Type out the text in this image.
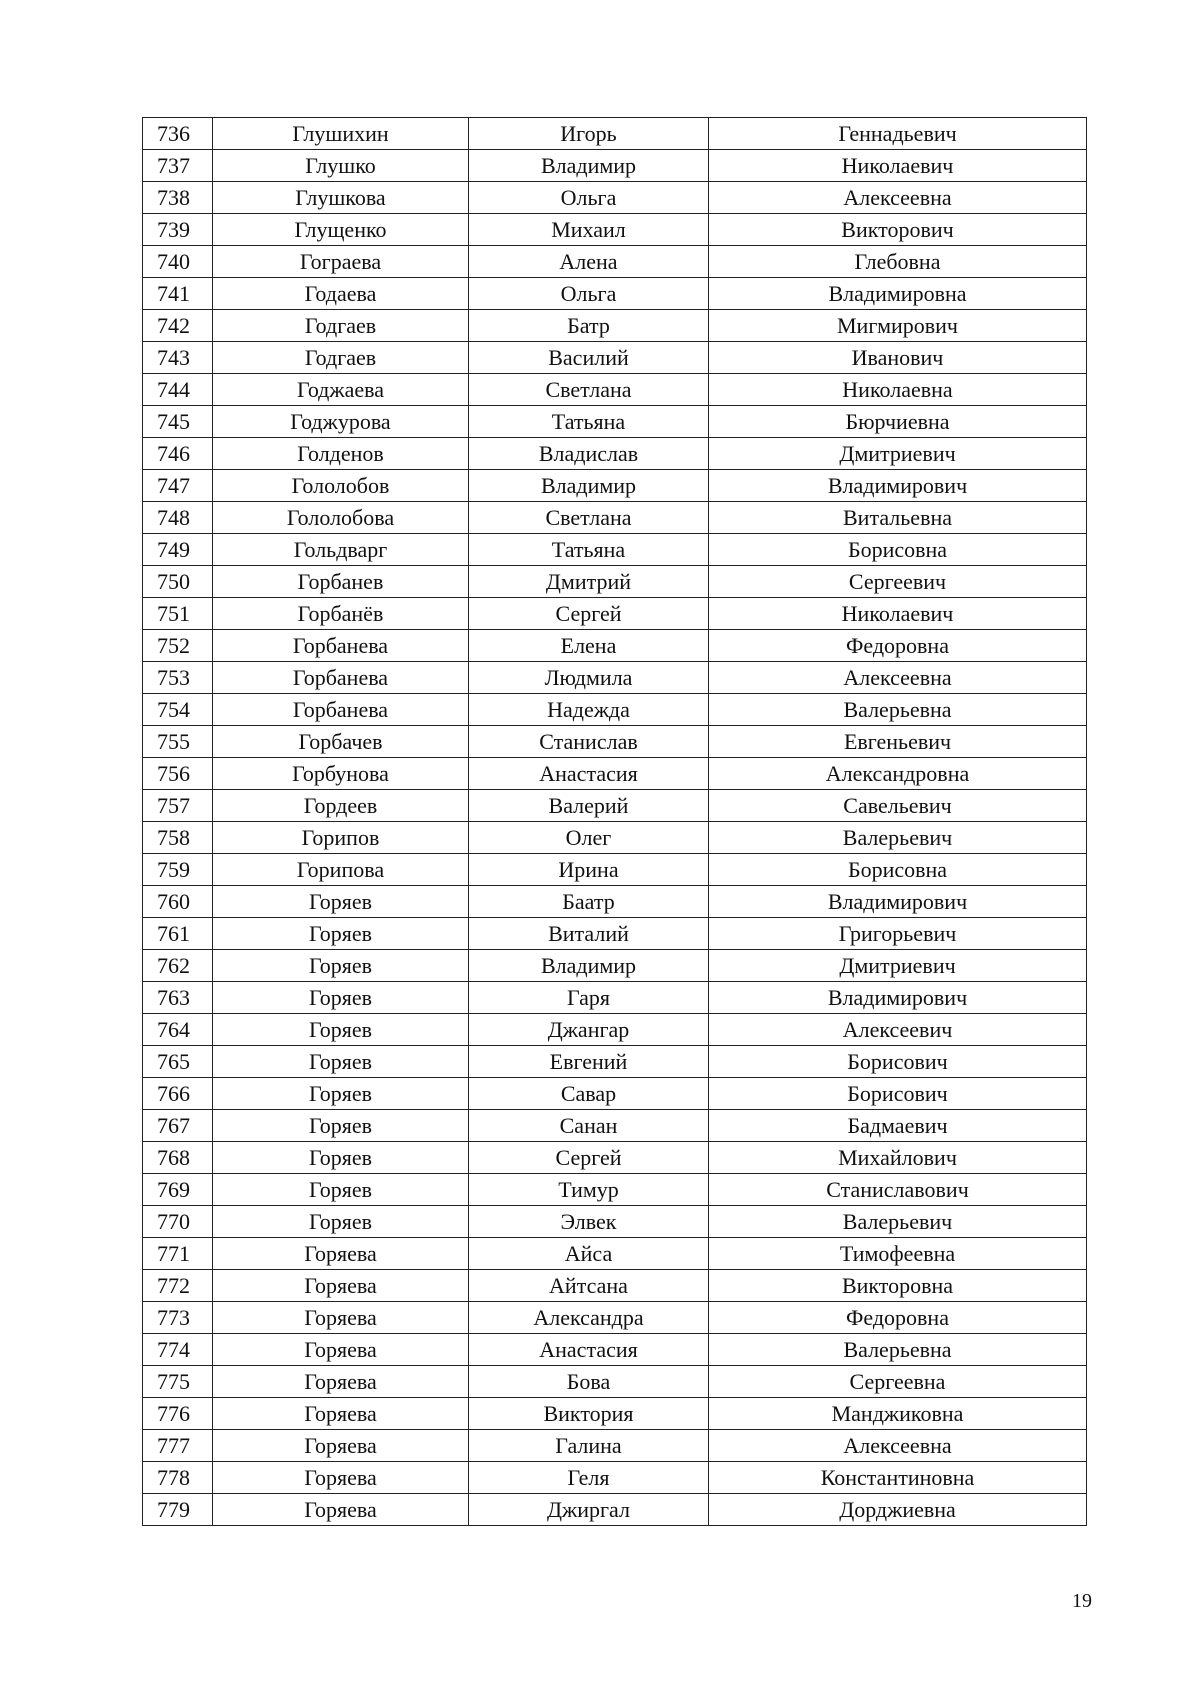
736	Глушихин	Игорь	Геннадьевич
737	Глушко	Владимир	Николаевич
738	Глушкова	Ольга	Алексеевна
739	Глущенко	Михаил	Викторович
740	Гограева	Алена	Глебовна
741	Годаева	Ольга	Владимировна
742	Годгаев	Батр	Мигмирович
743	Годгаев	Василий	Иванович
744	Годжаева	Светлана	Николаевна
745	Годжурова	Татьяна	Бюрчиевна
746	Голденов	Владислав	Дмитриевич
747	Гололобов	Владимир	Владимирович
748	Гололобова	Светлана	Витальевна
749	Гольдварг	Татьяна	Борисовна
750	Горбанев	Дмитрий	Сергеевич
751	Горбанёв	Сергей	Николаевич
752	Горбанева	Елена	Федоровна
753	Горбанева	Людмила	Алексеевна
754	Горбанева	Надежда	Валерьевна
755	Горбачев	Станислав	Евгеньевич
756	Горбунова	Анастасия	Александровна
757	Гордеев	Валерий	Савельевич
758	Горипов	Олег	Валерьевич
759	Горипова	Ирина	Борисовна
760	Горяев	Баатр	Владимирович
761	Горяев	Виталий	Григорьевич
762	Горяев	Владимир	Дмитриевич
763	Горяев	Гаря	Владимирович
764	Горяев	Джангар	Алексеевич
765	Горяев	Евгений	Борисович
766	Горяев	Савар	Борисович
767	Горяев	Санан	Бадмаевич
768	Горяев	Сергей	Михайлович
769	Горяев	Тимур	Станиславович
770	Горяев	Элвек	Валерьевич
771	Горяева	Айса	Тимофеевна
772	Горяева	Айтсана	Викторовна
773	Горяева	Александра	Федоровна
774	Горяева	Анастасия	Валерьевна
775	Горяева	Бова	Сергеевна
776	Горяева	Виктория	Манджиковна
777	Горяева	Галина	Алексеевна
778	Горяева	Геля	Константиновна
779	Горяева	Джиргал	Дорджиевна
19
